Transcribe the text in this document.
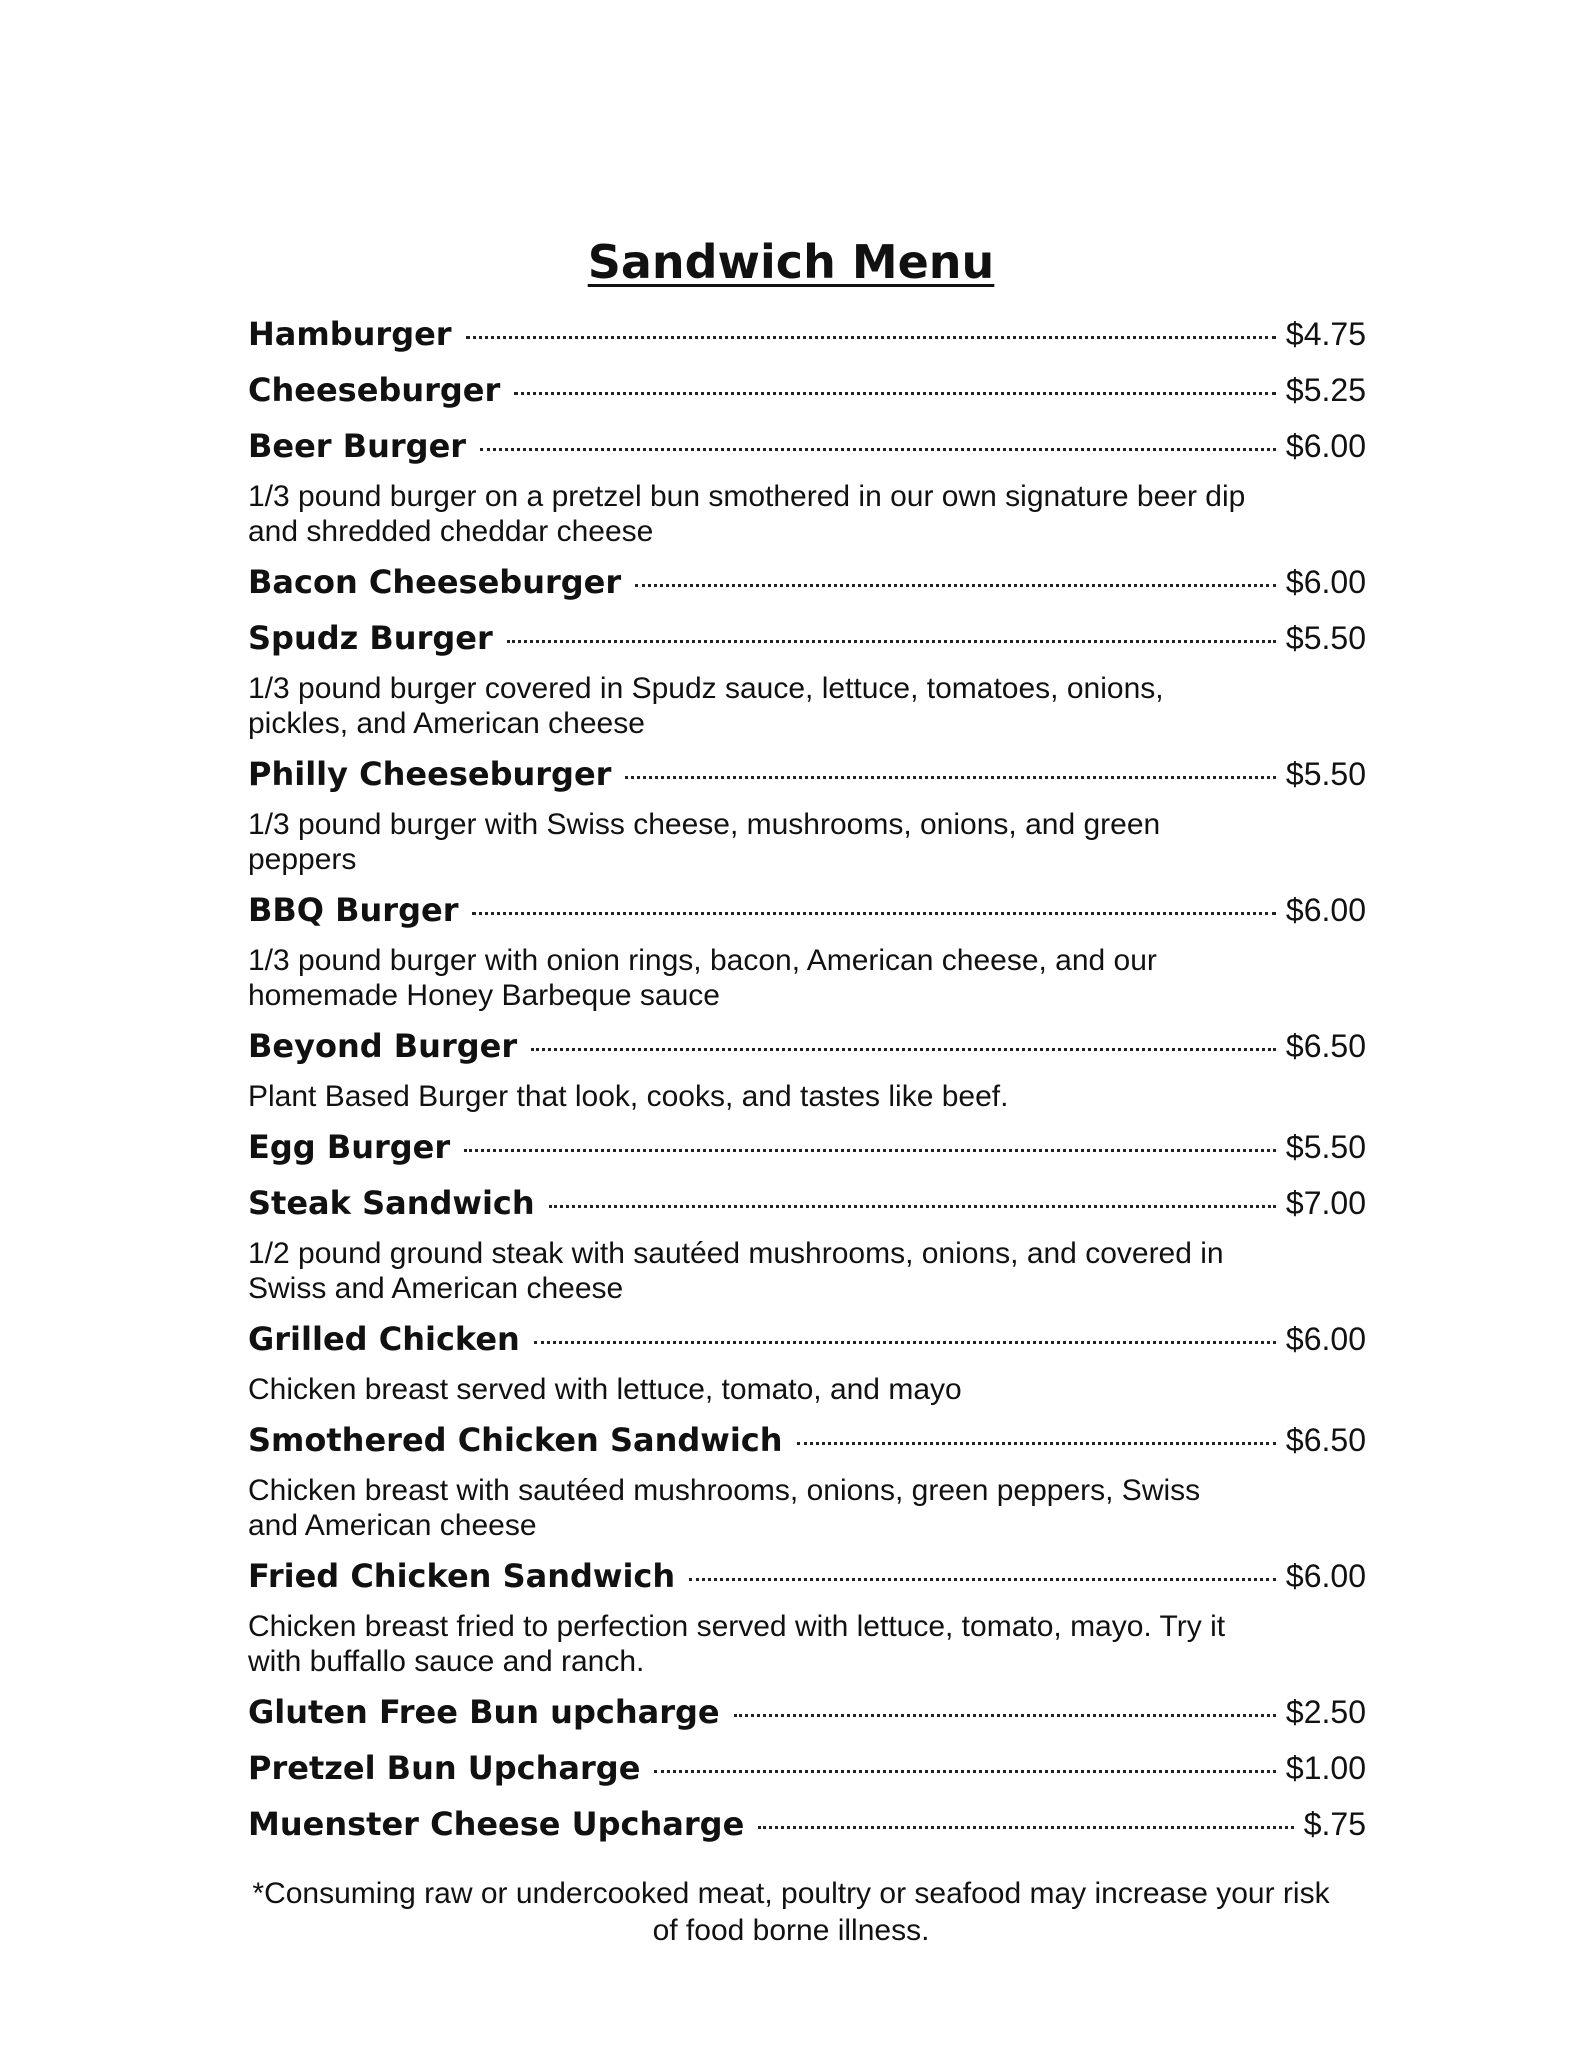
Sandwich Menu
Hamburger	$4.75
Cheeseburger	$5.25
Beer Burger	$6.00
1/3 pound burger on a pretzel bun smothered in our own signature beer dip and shredded cheddar cheese
Bacon Cheeseburger	$6.00
Spudz Burger	$5.50
1/3 pound burger covered in Spudz sauce, lettuce, tomatoes, onions, pickles, and American cheese
Philly Cheeseburger	$5.50
1/3 pound burger with Swiss cheese, mushrooms, onions, and green peppers
BBQ Burger	$6.00
1/3 pound burger with onion rings, bacon, American cheese, and our homemade Honey Barbeque sauce
Beyond Burger	$6.50
Plant Based Burger that look, cooks, and tastes like beef.
Egg Burger	$5.50
Steak Sandwich	$7.00
1/2 pound ground steak with sautéed mushrooms, onions, and covered in Swiss and American cheese
Grilled Chicken	$6.00
Chicken breast served with lettuce, tomato, and mayo
Smothered Chicken Sandwich	$6.50
Chicken breast with sautéed mushrooms, onions, green peppers, Swiss and American cheese
Fried Chicken Sandwich	$6.00
Chicken breast fried to perfection served with lettuce, tomato, mayo. Try it with buffallo sauce and ranch.
Gluten Free Bun upcharge	$2.50
Pretzel Bun Upcharge	$1.00
Muenster Cheese Upcharge	$.75
*Consuming raw or undercooked meat, poultry or seafood may increase your risk
of food borne illness.
